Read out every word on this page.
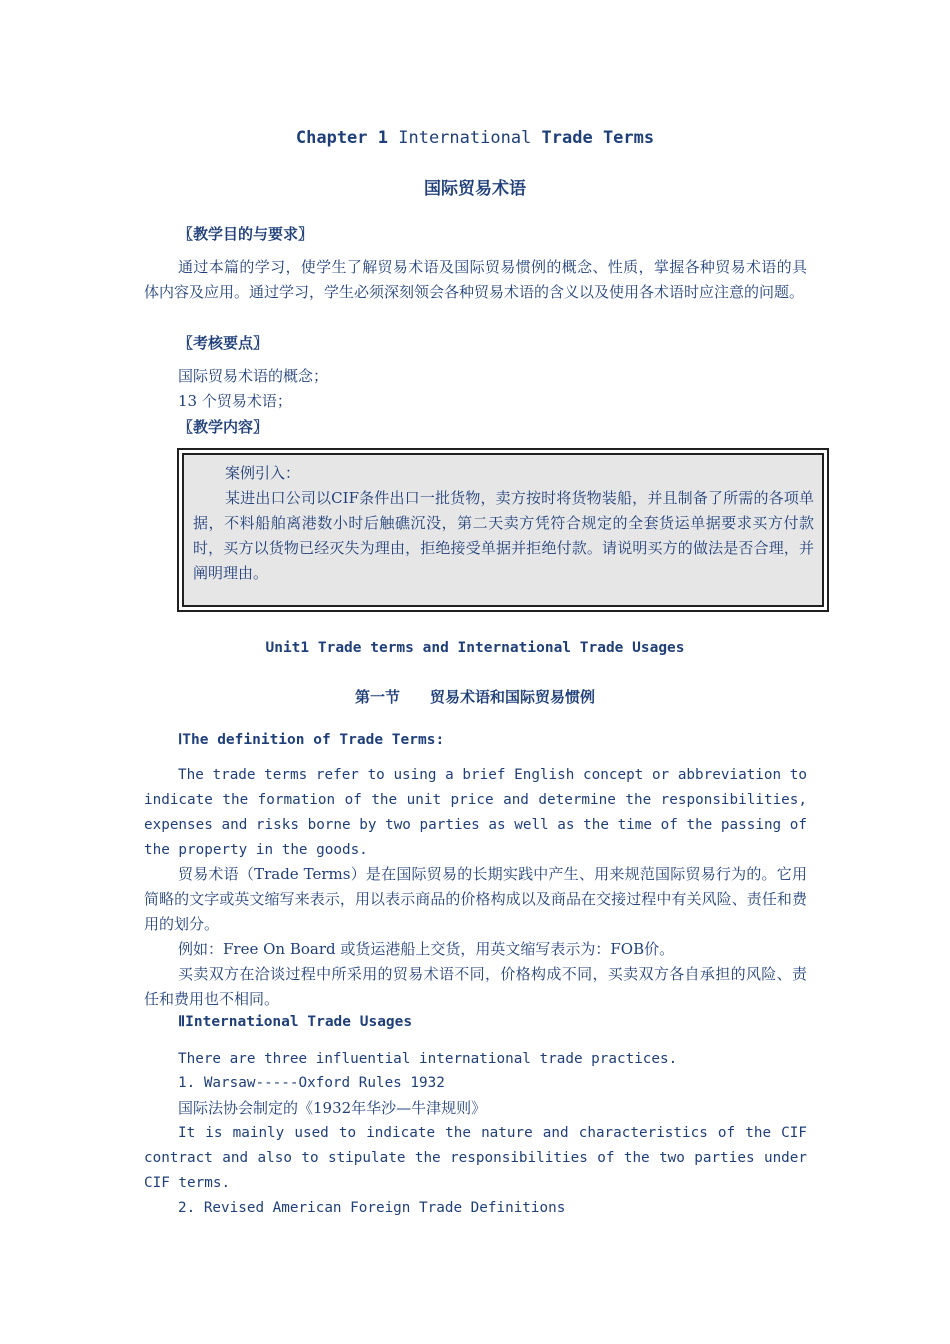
Chapter 1 International Trade Terms
国际贸易术语
〖教学目的与要求〗

通过本篇的学习，使学生了解贸易术语及国际贸易惯例的概念、性质，掌握各种贸易术语的具体内容及应用。通过学习，学生必须深刻领会各种贸易术语的含义以及使用各术语时应注意的问题。

〖考核要点〗
国际贸易术语的概念；
13 个贸易术语；
〖教学内容〗

案例引入：

某进出口公司以CIF条件出口一批货物，卖方按时将货物装船，并且制备了所需的各项单据，不料船舶离港数小时后触礁沉没，第二天卖方凭符合规定的全套货运单据要求买方付款时，买方以货物已经灭失为理由，拒绝接受单据并拒绝付款。请说明买方的做法是否合理，并阐明理由。

Unit1 Trade terms and International Trade Usages
第一节　　贸易术语和国际贸易惯例
ⅠThe definition of Trade Terms:

The trade terms refer to using a brief English concept or abbreviation to indicate the formation of the unit price and determine the responsibilities, expenses and risks borne by two parties as well as the time of the passing of the property in the goods.

贸易术语（Trade Terms）是在国际贸易的长期实践中产生、用来规范国际贸易行为的。它用简略的文字或英文缩写来表示，用以表示商品的价格构成以及商品在交接过程中有关风险、责任和费用的划分。

例如：Free On Board 或货运港船上交货，用英文缩写表示为：FOB价。

买卖双方在洽谈过程中所采用的贸易术语不同，价格构成不同，买卖双方各自承担的风险、责任和费用也不相同。

ⅡInternational Trade Usages
There are three influential international trade practices.
1. Warsaw-----Oxford Rules 1932
国际法协会制定的《1932年华沙—牛津规则》

It is mainly used to indicate the nature and characteristics of the CIF contract and also to stipulate the responsibilities of the two parties under CIF terms.

2. Revised American Foreign Trade Definitions
